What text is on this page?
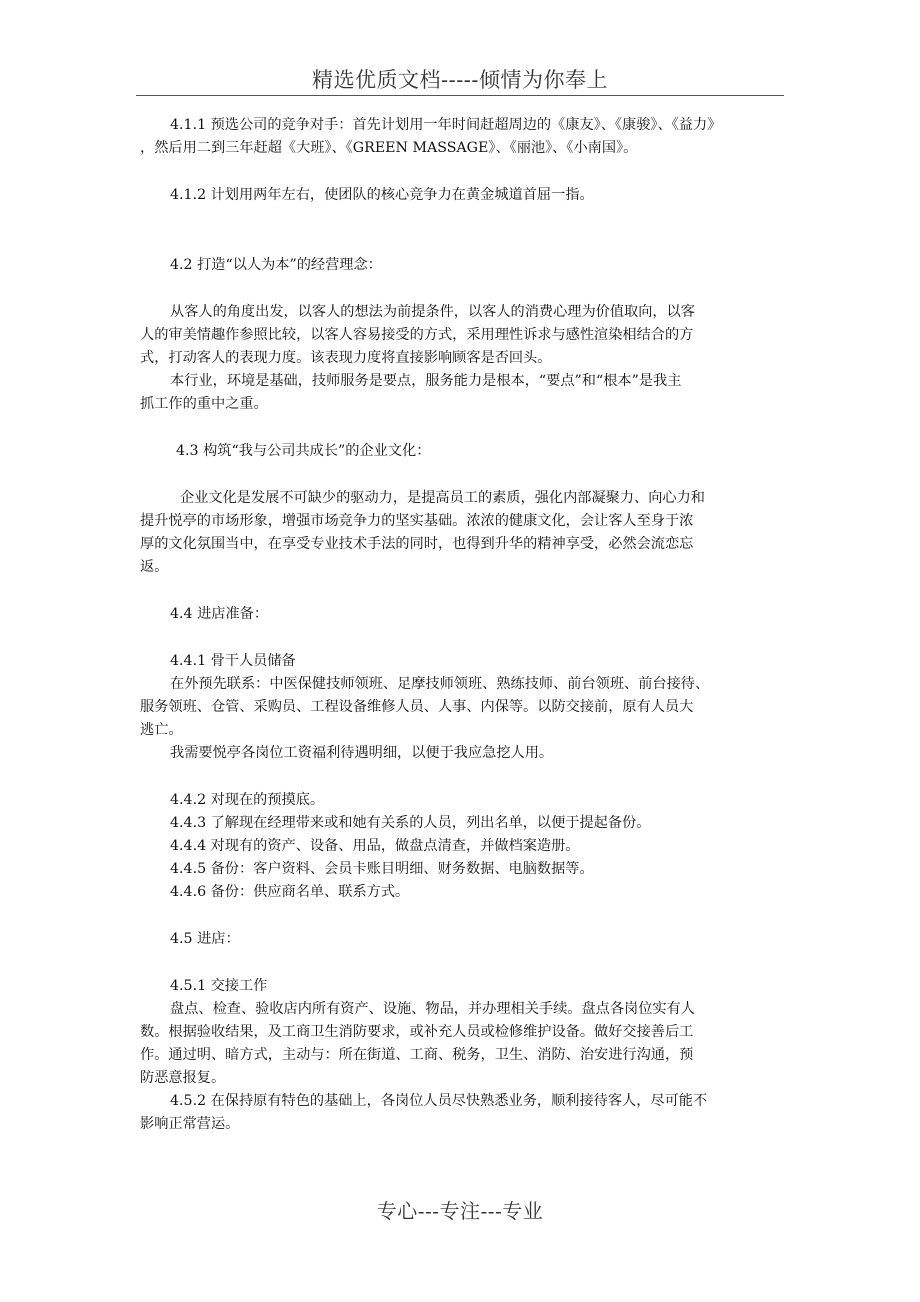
精选优质文档-----倾情为你奉上
4.1.1 预选公司的竞争对手：首先计划用一年时间赶超周边的《康友》、《康骏》、《益力》
，然后用二到三年赶超《大班》、《GREEN MASSAGE》、《丽池》、《小南国》。
4.1.2 计划用两年左右，使团队的核心竞争力在黄金城道首屈一指。
4.2 打造“以人为本”的经营理念：
从客人的角度出发，以客人的想法为前提条件，以客人的消费心理为价值取向，以客
人的审美情趣作参照比较，以客人容易接受的方式，采用理性诉求与感性渲染相结合的方
式，打动客人的表现力度。该表现力度将直接影响顾客是否回头。
本行业，环境是基础，技师服务是要点，服务能力是根本，“要点”和“根本”是我主
抓工作的重中之重。
4.3 构筑“我与公司共成长”的企业文化：
企业文化是发展不可缺少的驱动力，是提高员工的素质，强化内部凝聚力、向心力和
提升悦亭的市场形象，增强市场竞争力的坚实基础。浓浓的健康文化，会让客人至身于浓
厚的文化氛围当中，在享受专业技术手法的同时，也得到升华的精神享受，必然会流恋忘
返。
4.4 进店准备：
4.4.1 骨干人员储备
在外预先联系：中医保健技师领班、足摩技师领班、熟练技师、前台领班、前台接待、
服务领班、仓管、采购员、工程设备维修人员、人事、内保等。以防交接前，原有人员大
逃亡。
我需要悦亭各岗位工资福利待遇明细，以便于我应急挖人用。
4.4.2 对现在的预摸底。
4.4.3 了解现在经理带来或和她有关系的人员，列出名单，以便于提起备份。
4.4.4 对现有的资产、设备、用品，做盘点清查，并做档案造册。
4.4.5 备份：客户资料、会员卡账目明细、财务数据、电脑数据等。
4.4.6 备份：供应商名单、联系方式。
4.5 进店：
4.5.1 交接工作
盘点、检查、验收店内所有资产、设施、物品，并办理相关手续。盘点各岗位实有人
数。根据验收结果，及工商卫生消防要求，或补充人员或检修维护设备。做好交接善后工
作。通过明、暗方式，主动与：所在街道、工商、税务，卫生、消防、治安进行沟通，预
防恶意报复。
4.5.2 在保持原有特色的基础上，各岗位人员尽快熟悉业务，顺利接待客人，尽可能不
影响正常营运。
专心---专注---专业
